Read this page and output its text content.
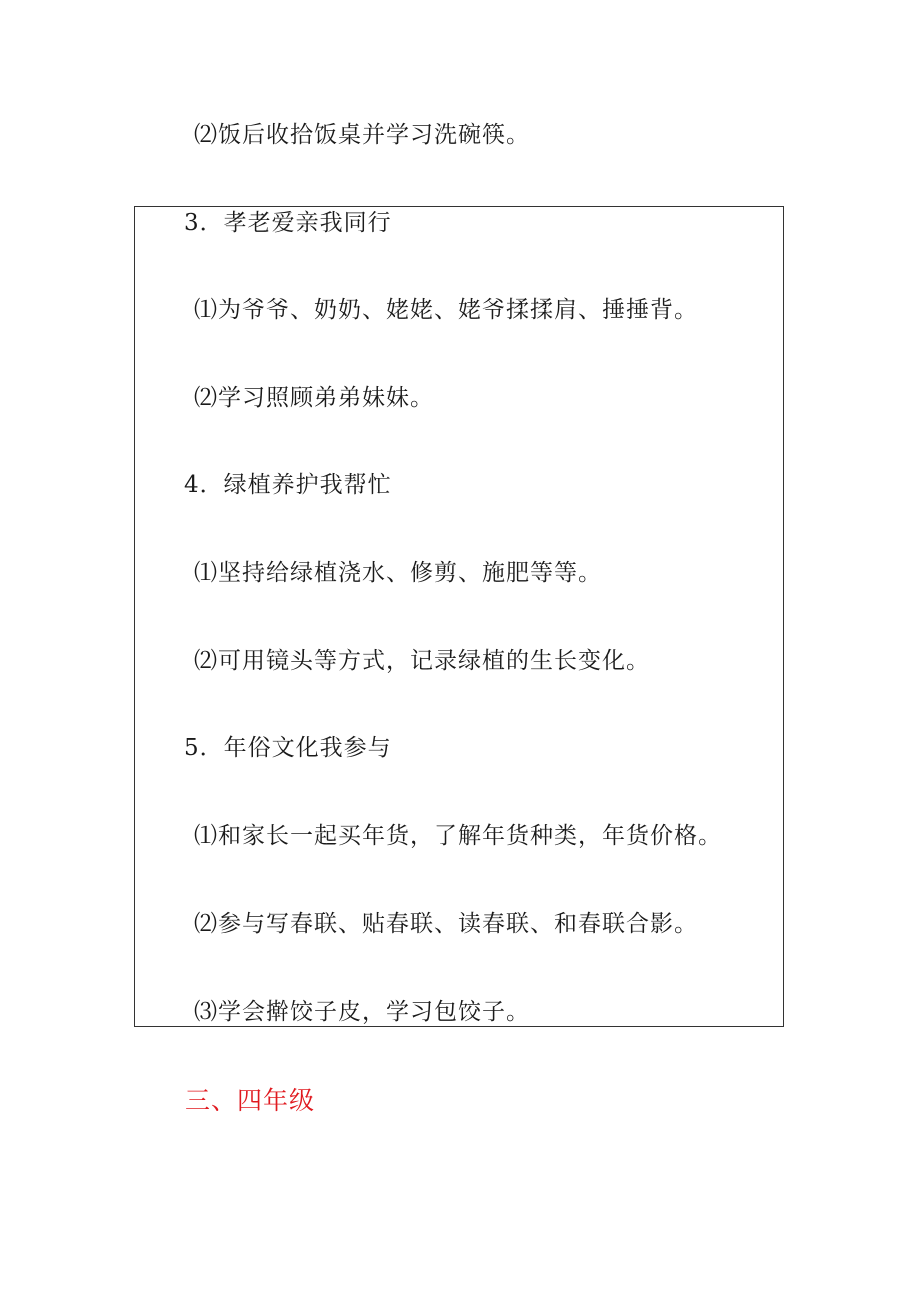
⑵饭后收拾饭桌并学习洗碗筷。
3．孝老爱亲我同行
⑴为爷爷、奶奶、姥姥、姥爷揉揉肩、捶捶背。
⑵学习照顾弟弟妹妹。
4．绿植养护我帮忙
⑴坚持给绿植浇水、修剪、施肥等等。
⑵可用镜头等方式，记录绿植的生长变化。
5．年俗文化我参与
⑴和家长一起买年货，了解年货种类，年货价格。
⑵参与写春联、贴春联、读春联、和春联合影。
⑶学会擀饺子皮，学习包饺子。
三、四年级
